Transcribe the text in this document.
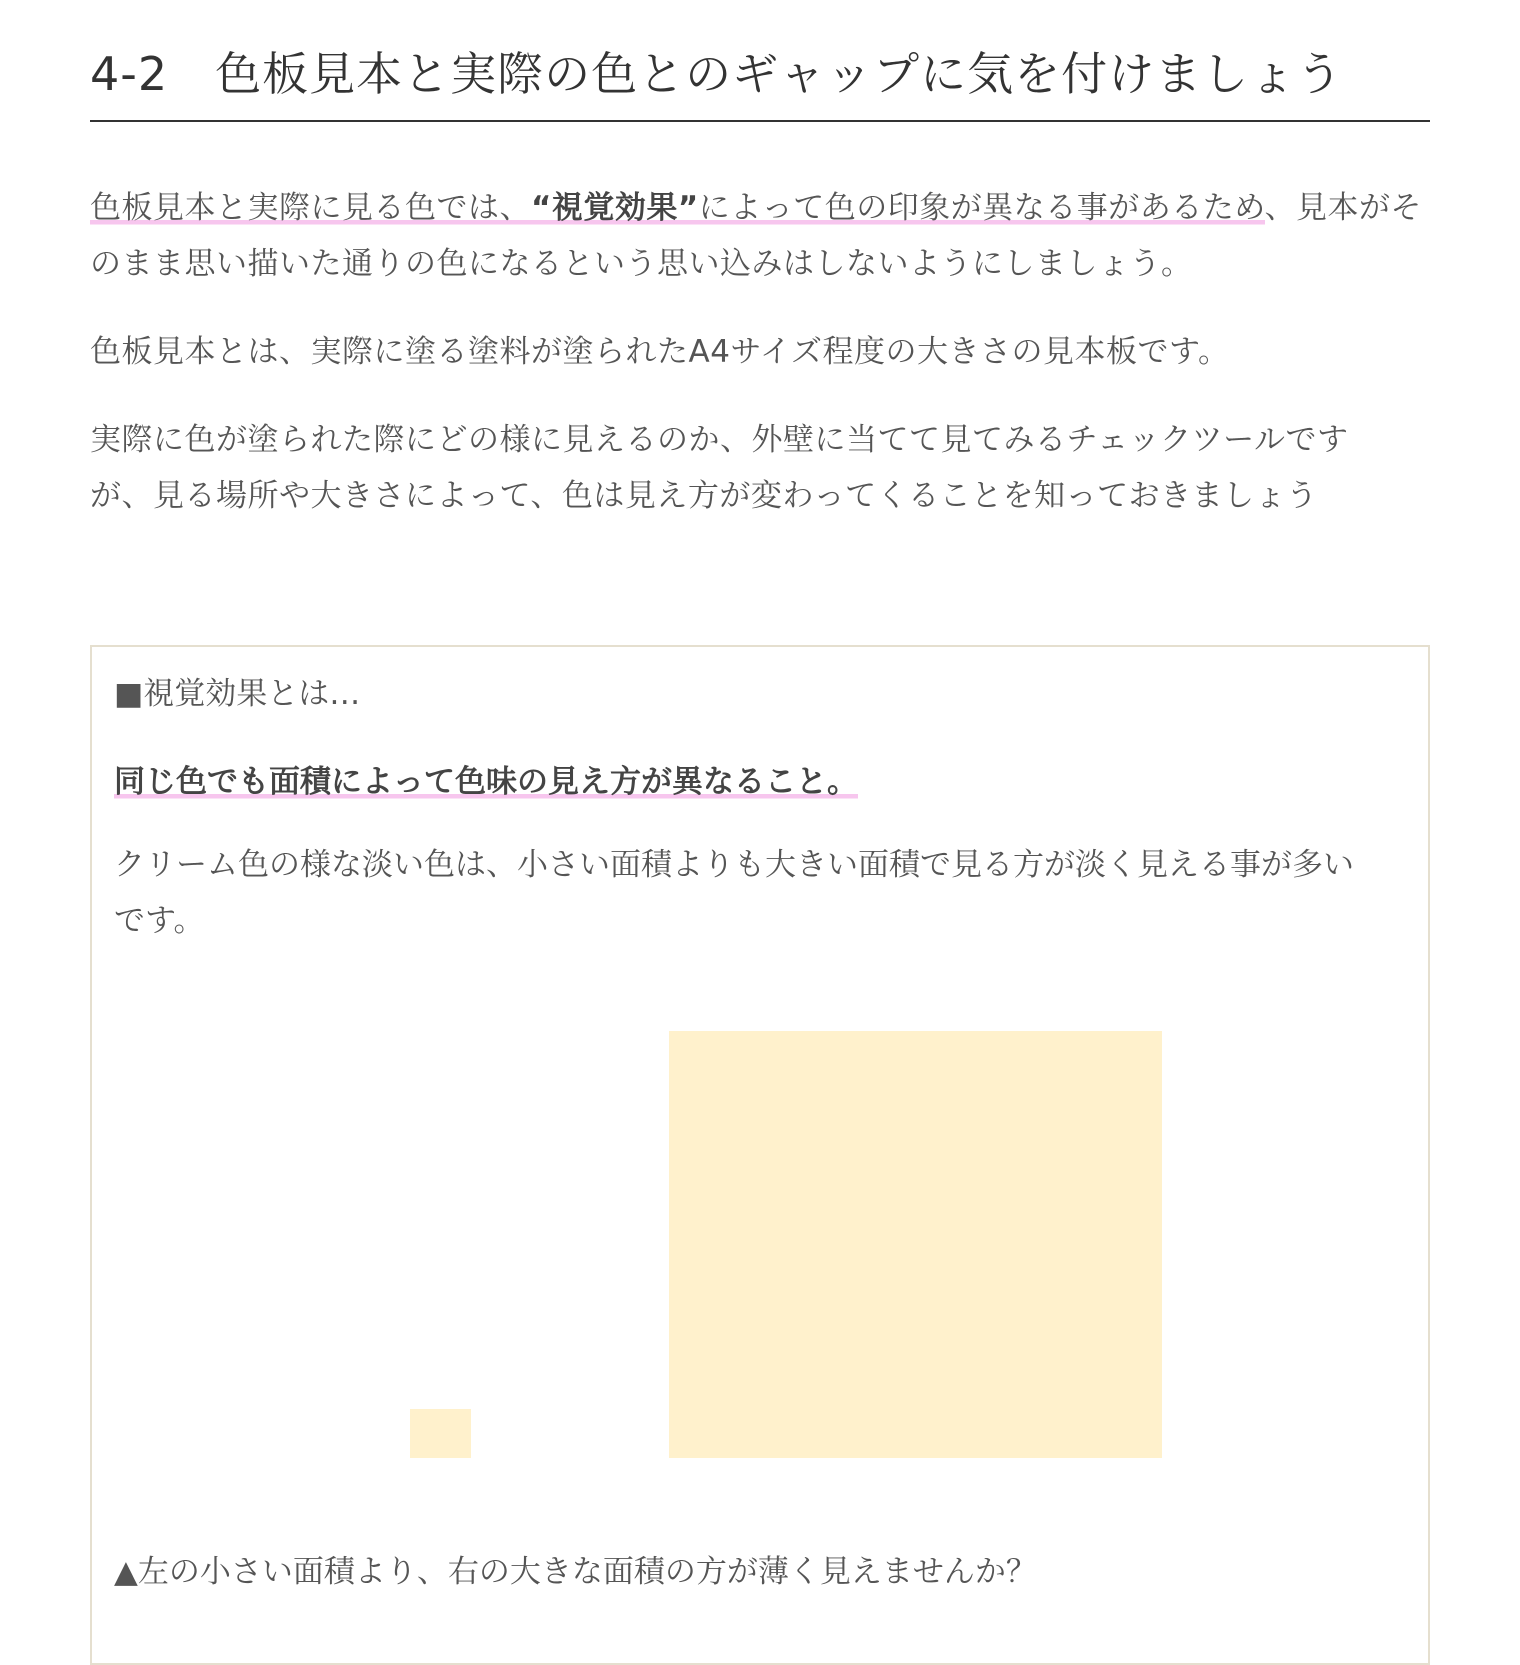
4-2　色板見本と実際の色とのギャップに気を付けましょう

色板見本と実際に見る色では、“視覚効果”によって色の印象が異なる事があるため、見本がそのまま思い描いた通りの色になるという思い込みはしないようにしましょう。

色板見本とは、実際に塗る塗料が塗られたA4サイズ程度の大きさの見本板です。

実際に色が塗られた際にどの様に見えるのか、外壁に当てて見てみるチェックツールですが、見る場所や大きさによって、色は見え方が変わってくることを知っておきましょう

■視覚効果とは…
同じ色でも面積によって色味の見え方が異なること。
クリーム色の様な淡い色は、小さい面積よりも大きい面積で見る方が淡く見える事が多いです。
▲左の小さい面積より、右の大きな面積の方が薄く見えませんか？
